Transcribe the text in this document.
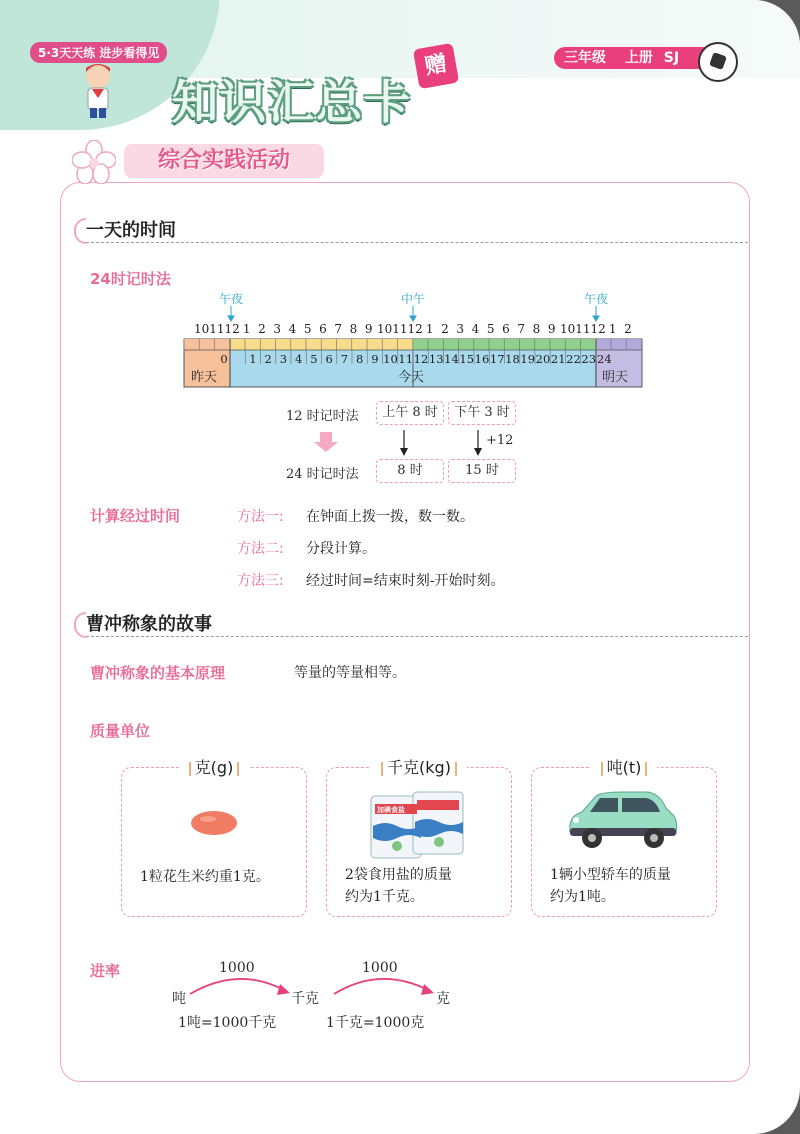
5·3天天练 进步看得见
知识汇总卡
赠	三年级 上册 SJ
综合实践活动
一天的时间
24时记时法
午夜	中午	午夜
10 11 12 1 2 3 4 5 6 7 8 9 10 11 12 1 2 3 4 5 6 7 8 9 10 11 12 1 2
0 1 2 3 4 5 6 7 8 9 10 11 12 13 14 15 16 17 18 19 20 21 22 23 24
昨天	今天	明天
12 时记时法	上午 8 时	下午 3 时
+12
24 时记时法	8 时	15 时
计算经过时间	方法一: 在钟面上拨一拨，数一数。
方法二: 分段计算。
方法三: 经过时间=结束时刻-开始时刻。
曹冲称象的故事
曹冲称象的基本原理	等量的等量相等。
质量单位
克(g)
1粒花生米约重1克。
千克(kg)
加碘食盐
2袋食用盐的质量
约为1千克。
吨(t)
1辆小型轿车的质量
约为1吨。
进率	1000	1000
吨	千克	克
1吨=1000千克	1千克=1000克
